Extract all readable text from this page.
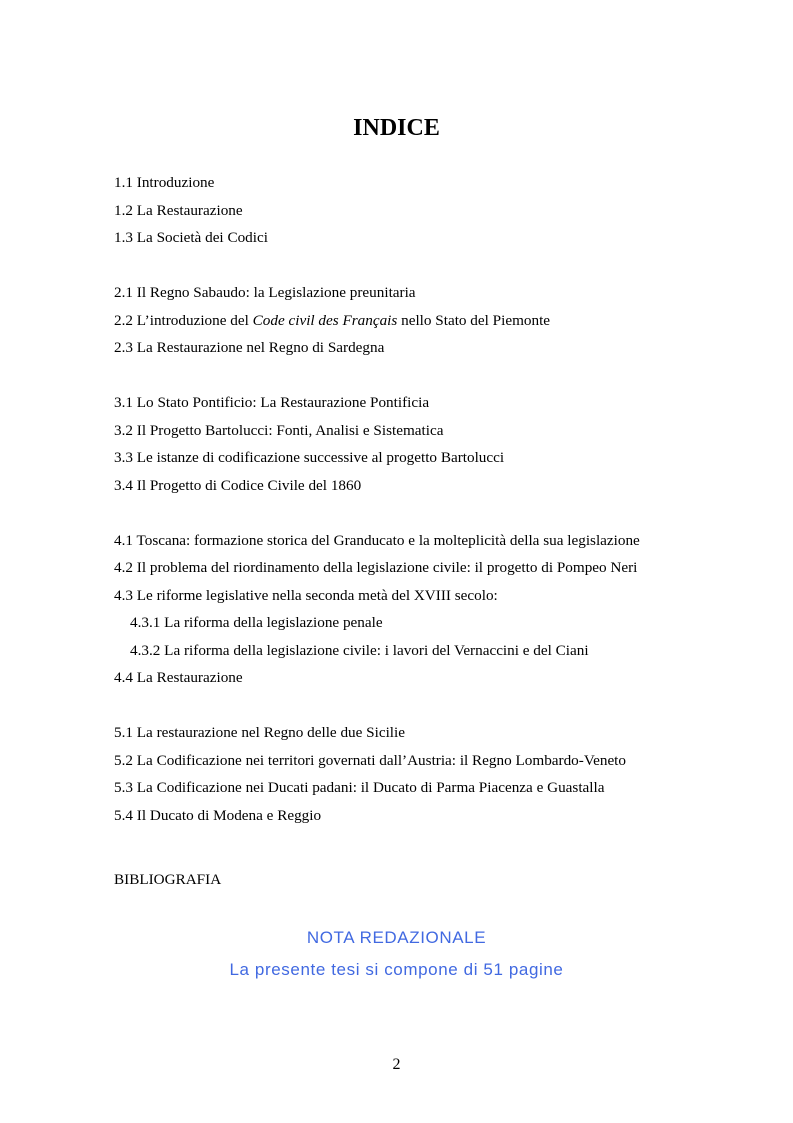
INDICE
1.1 Introduzione
1.2 La Restaurazione
1.3 La Società dei Codici
2.1 Il Regno Sabaudo: la Legislazione preunitaria
2.2 L’introduzione del Code civil des Français nello Stato del Piemonte
2.3 La Restaurazione nel Regno di Sardegna
3.1 Lo Stato Pontificio: La Restaurazione Pontificia
3.2 Il Progetto Bartolucci: Fonti, Analisi e Sistematica
3.3 Le istanze di codificazione successive al progetto Bartolucci
3.4 Il Progetto di Codice Civile del 1860
4.1 Toscana: formazione storica del Granducato e la molteplicità della sua legislazione
4.2 Il problema del riordinamento della legislazione civile: il progetto di Pompeo Neri
4.3 Le riforme legislative nella seconda metà del XVIII secolo:
4.3.1 La riforma della legislazione penale
4.3.2 La riforma della legislazione civile: i lavori del Vernaccini e del Ciani
4.4 La Restaurazione
5.1 La restaurazione nel Regno delle due Sicilie
5.2 La Codificazione nei territori governati dall’Austria: il Regno Lombardo-Veneto
5.3 La Codificazione nei Ducati padani: il Ducato di Parma Piacenza e Guastalla
5.4 Il Ducato di Modena e Reggio
BIBLIOGRAFIA
NOTA REDAZIONALE
La presente tesi si compone di 51 pagine
2
